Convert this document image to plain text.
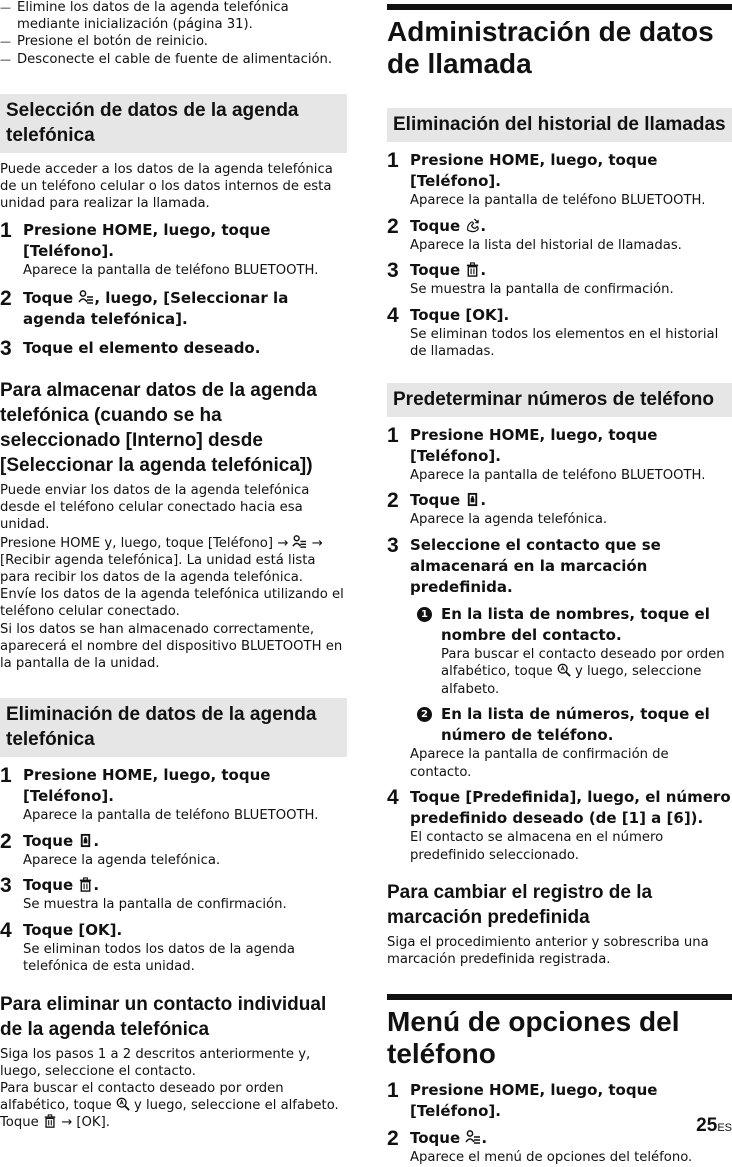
— Elimine los datos de la agenda telefónica mediante inicialización (página 31).
— Presione el botón de reinicio.
— Desconecte el cable de fuente de alimentación.
Selección de datos de la agenda telefónica
Puede acceder a los datos de la agenda telefónica de un teléfono celular o los datos internos de esta unidad para realizar la llamada.
1 Presione HOME, luego, toque [Teléfono].
Aparece la pantalla de teléfono BLUETOOTH.
2 Toque , luego, [Seleccionar la agenda telefónica].
3 Toque el elemento deseado.
Para almacenar datos de la agenda telefónica (cuando se ha seleccionado [Interno] desde [Seleccionar la agenda telefónica])
Puede enviar los datos de la agenda telefónica desde el teléfono celular conectado hacia esa unidad.
Presione HOME y, luego, toque [Teléfono] → → [Recibir agenda telefónica]. La unidad está lista para recibir los datos de la agenda telefónica.
Envíe los datos de la agenda telefónica utilizando el teléfono celular conectado.
Si los datos se han almacenado correctamente, aparecerá el nombre del dispositivo BLUETOOTH en la pantalla de la unidad.
Eliminación de datos de la agenda telefónica
1 Presione HOME, luego, toque [Teléfono].
Aparece la pantalla de teléfono BLUETOOTH.
2 Toque .
Aparece la agenda telefónica.
3 Toque .
Se muestra la pantalla de confirmación.
4 Toque [OK].
Se eliminan todos los datos de la agenda telefónica de esta unidad.
Para eliminar un contacto individual de la agenda telefónica
Siga los pasos 1 a 2 descritos anteriormente y, luego, seleccione el contacto.
Para buscar el contacto deseado por orden alfabético, toque y luego, seleccione el alfabeto.
Toque → [OK].
Administración de datos de llamada
Eliminación del historial de llamadas
1 Presione HOME, luego, toque [Teléfono].
Aparece la pantalla de teléfono BLUETOOTH.
2 Toque .
Aparece la lista del historial de llamadas.
3 Toque .
Se muestra la pantalla de confirmación.
4 Toque [OK].
Se eliminan todos los elementos en el historial de llamadas.
Predeterminar números de teléfono
1 Presione HOME, luego, toque [Teléfono].
Aparece la pantalla de teléfono BLUETOOTH.
2 Toque .
Aparece la agenda telefónica.
3 Seleccione el contacto que se almacenará en la marcación predefinida.
1 En la lista de nombres, toque el nombre del contacto.
Para buscar el contacto deseado por orden alfabético, toque y luego, seleccione alfabeto.
2 En la lista de números, toque el número de teléfono.
Aparece la pantalla de confirmación de contacto.
4 Toque [Predefinida], luego, el número predefinido deseado (de [1] a [6]).
El contacto se almacena en el número predefinido seleccionado.
Para cambiar el registro de la marcación predefinida
Siga el procedimiento anterior y sobrescriba una marcación predefinida registrada.
Menú de opciones del teléfono
1 Presione HOME, luego, toque [Teléfono].
2 Toque .
Aparece el menú de opciones del teléfono.
25ES
